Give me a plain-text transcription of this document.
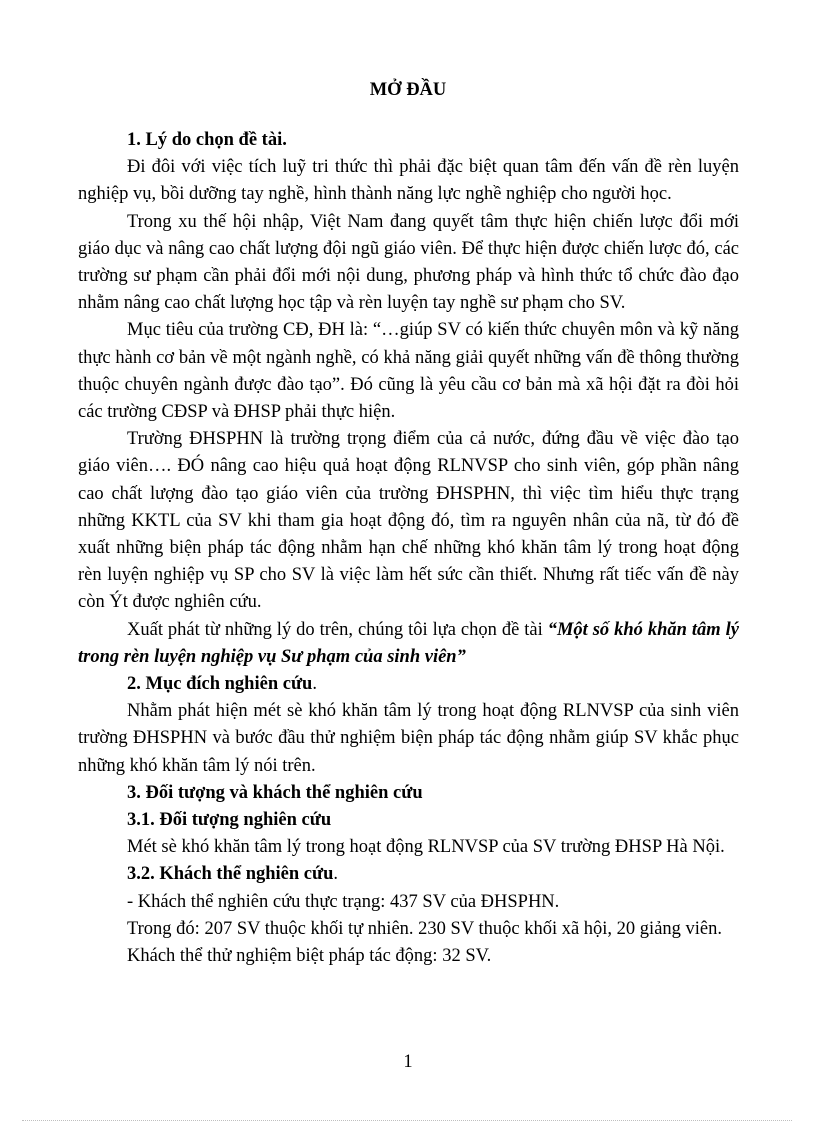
MỞ ĐẦU

1. Lý do chọn đề tài.

Đi đôi với việc tích luỹ tri thức thì phải đặc biệt quan tâm đến vấn đề rèn luyện nghiệp vụ, bồi dưỡng tay nghề, hình thành năng lực nghề nghiệp cho người học.

Trong xu thế hội nhập, Việt Nam đang quyết tâm thực hiện chiến lược đổi mới giáo dục và nâng cao chất lượng đội ngũ giáo viên. Để thực hiện được chiến lược đó, các trường sư phạm cần phải đổi mới nội dung, phương pháp và hình thức tổ chức đào đạo nhằm nâng cao chất lượng học tập và rèn luyện tay nghề sư phạm cho SV.

Mục tiêu của trường CĐ, ĐH là: “…giúp SV có kiến thức chuyên môn và kỹ năng thực hành cơ bản về một ngành nghề, có khả năng giải quyết những vấn đề thông thường thuộc chuyên ngành được đào tạo”. Đó cũng là yêu cầu cơ bản mà xã hội đặt ra đòi hỏi các trường CĐSP và ĐHSP phải thực hiện.

Trường ĐHSPHN là trường trọng điểm của cả nước, đứng đầu về việc đào tạo giáo viên…. ĐÓ nâng cao hiệu quả hoạt động RLNVSP cho sinh viên, góp phần nâng cao chất lượng đào tạo giáo viên của trường ĐHSPHN, thì việc tìm hiểu thực trạng những KKTL của SV khi tham gia hoạt động đó, tìm ra nguyên nhân của nã, từ đó đề xuất những biện pháp tác động nhằm hạn chế những khó khăn tâm lý trong hoạt động rèn luyện nghiệp vụ SP cho SV là việc làm hết sức cần thiết. Nhưng rất tiếc vấn đề này còn Ýt được nghiên cứu.

Xuất phát từ những lý do trên, chúng tôi lựa chọn đề tài “Một số khó khăn tâm lý trong rèn luyện nghiệp vụ Sư phạm của sinh viên”

2. Mục đích nghiên cứu.

Nhằm phát hiện mét sè khó khăn tâm lý trong hoạt động RLNVSP của sinh viên trường ĐHSPHN và bước đầu thử nghiệm biện pháp tác động nhằm giúp SV khắc phục những khó khăn tâm lý nói trên.

3. Đối tượng và khách thể nghiên cứu

3.1. Đối tượng nghiên cứu

Mét sè khó khăn tâm lý trong hoạt động RLNVSP của SV trường ĐHSP Hà Nội.

3.2. Khách thể nghiên cứu.

- Khách thể nghiên cứu thực trạng: 437 SV của ĐHSPHN.

Trong đó: 207 SV thuộc khối tự nhiên. 230 SV thuộc khối xã hội, 20 giảng viên.

Khách thể thử nghiệm biệt pháp tác động: 32 SV.

1
